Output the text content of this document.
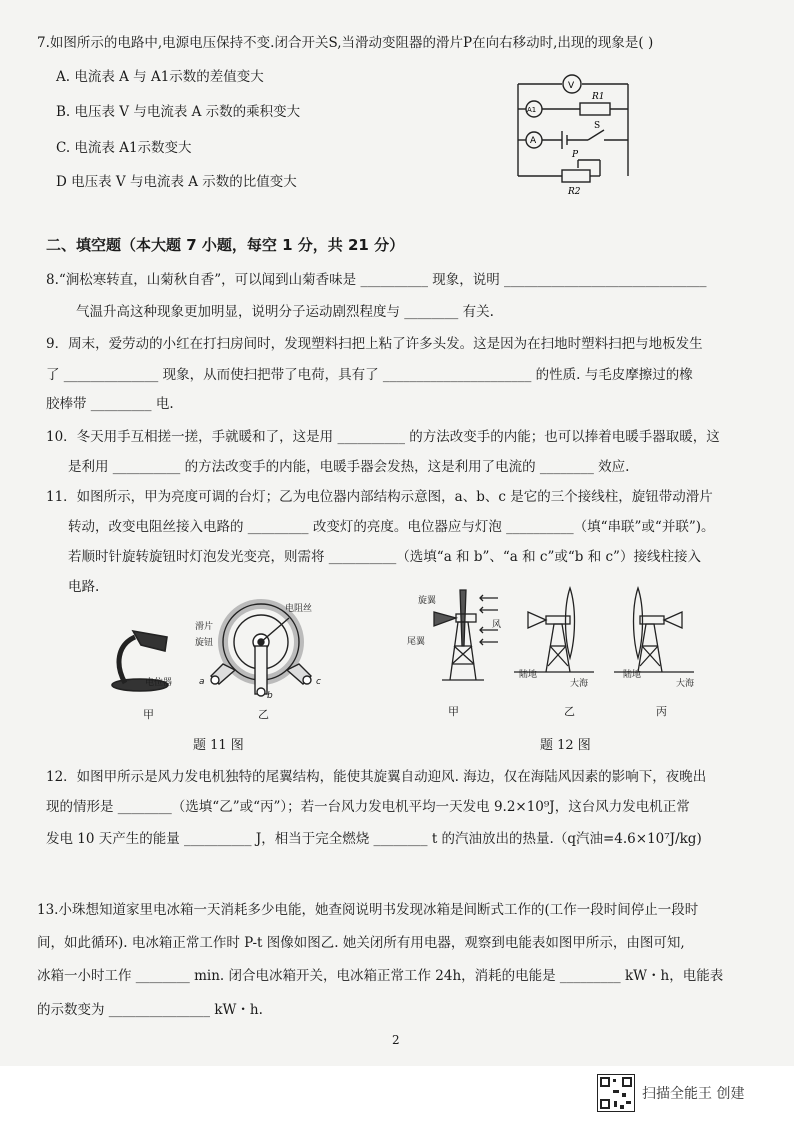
7.如图所示的电路中,电源电压保持不变.闭合开关S,当滑动变阻器的滑片P在向右移动时,出现的现象是( )
A. 电流表 A 与 A1示数的差值变大
B. 电压表 V 与电流表 A 示数的乘积变大
C. 电流表 A1示数变大
D 电压表 V 与电流表 A 示数的比值变大
V
A1
A
R1
S
P
R2
二、填空题（本大题 7 小题，每空 1 分，共 21 分）
8.“涧松寒转直，山菊秋自香”，可以闻到山菊香味是 __________ 现象，说明 ______________________________
气温升高这种现象更加明显，说明分子运动剧烈程度与 ________ 有关.
9．周末，爱劳动的小红在打扫房间时，发现塑料扫把上粘了许多头发。这是因为在扫地时塑料扫把与地板发生
了 ______________ 现象，从而使扫把带了电荷，具有了 ______________________ 的性质. 与毛皮摩擦过的橡
胶棒带 _________ 电.
10．冬天用手互相搓一搓，手就暖和了，这是用 __________ 的方法改变手的内能；也可以捧着电暖手器取暖，这
是利用 __________ 的方法改变手的内能，电暖手器会发热，这是利用了电流的 ________ 效应.
11．如图所示，甲为亮度可调的台灯；乙为电位器内部结构示意图，a、b、c 是它的三个接线柱，旋钮带动滑片
转动，改变电阻丝接入电路的 _________ 改变灯的亮度。电位器应与灯泡 __________（填“串联”或“并联”)。
若顺时针旋转旋钮时灯泡发光变亮，则需将 __________（选填“a 和 b”、“a 和 c”或“b 和 c”）接线柱接入
电路.
电位器
电阻丝
滑片
旋钮
a
b
c
甲	乙
题 11 图
旋翼
尾翼
风
陆地
大海
陆地
大海
甲	乙	丙
题 12 图
12．如图甲所示是风力发电机独特的尾翼结构，能使其旋翼自动迎风. 海边，仅在海陆风因素的影响下，夜晚出
现的情形是 ________（选填“乙”或“丙”）；若一台风力发电机平均一天发电 9.2×10⁹J，这台风力发电机正常
发电 10 天产生的能量 __________ J，相当于完全燃烧 ________ t 的汽油放出的热量.（q汽油=4.6×10⁷J/kg)
13.小珠想知道家里电冰箱一天消耗多少电能，她查阅说明书发现冰箱是间断式工作的(工作一段时间停止一段时
间，如此循环). 电冰箱正常工作时 P-t 图像如图乙. 她关闭所有用电器，观察到电能表如图甲所示，由图可知,
冰箱一小时工作 ________ min. 闭合电冰箱开关，电冰箱正常工作 24h，消耗的电能是 _________ kW・h，电能表
的示数变为 _______________ kW・h.
2
扫描全能王 创建
